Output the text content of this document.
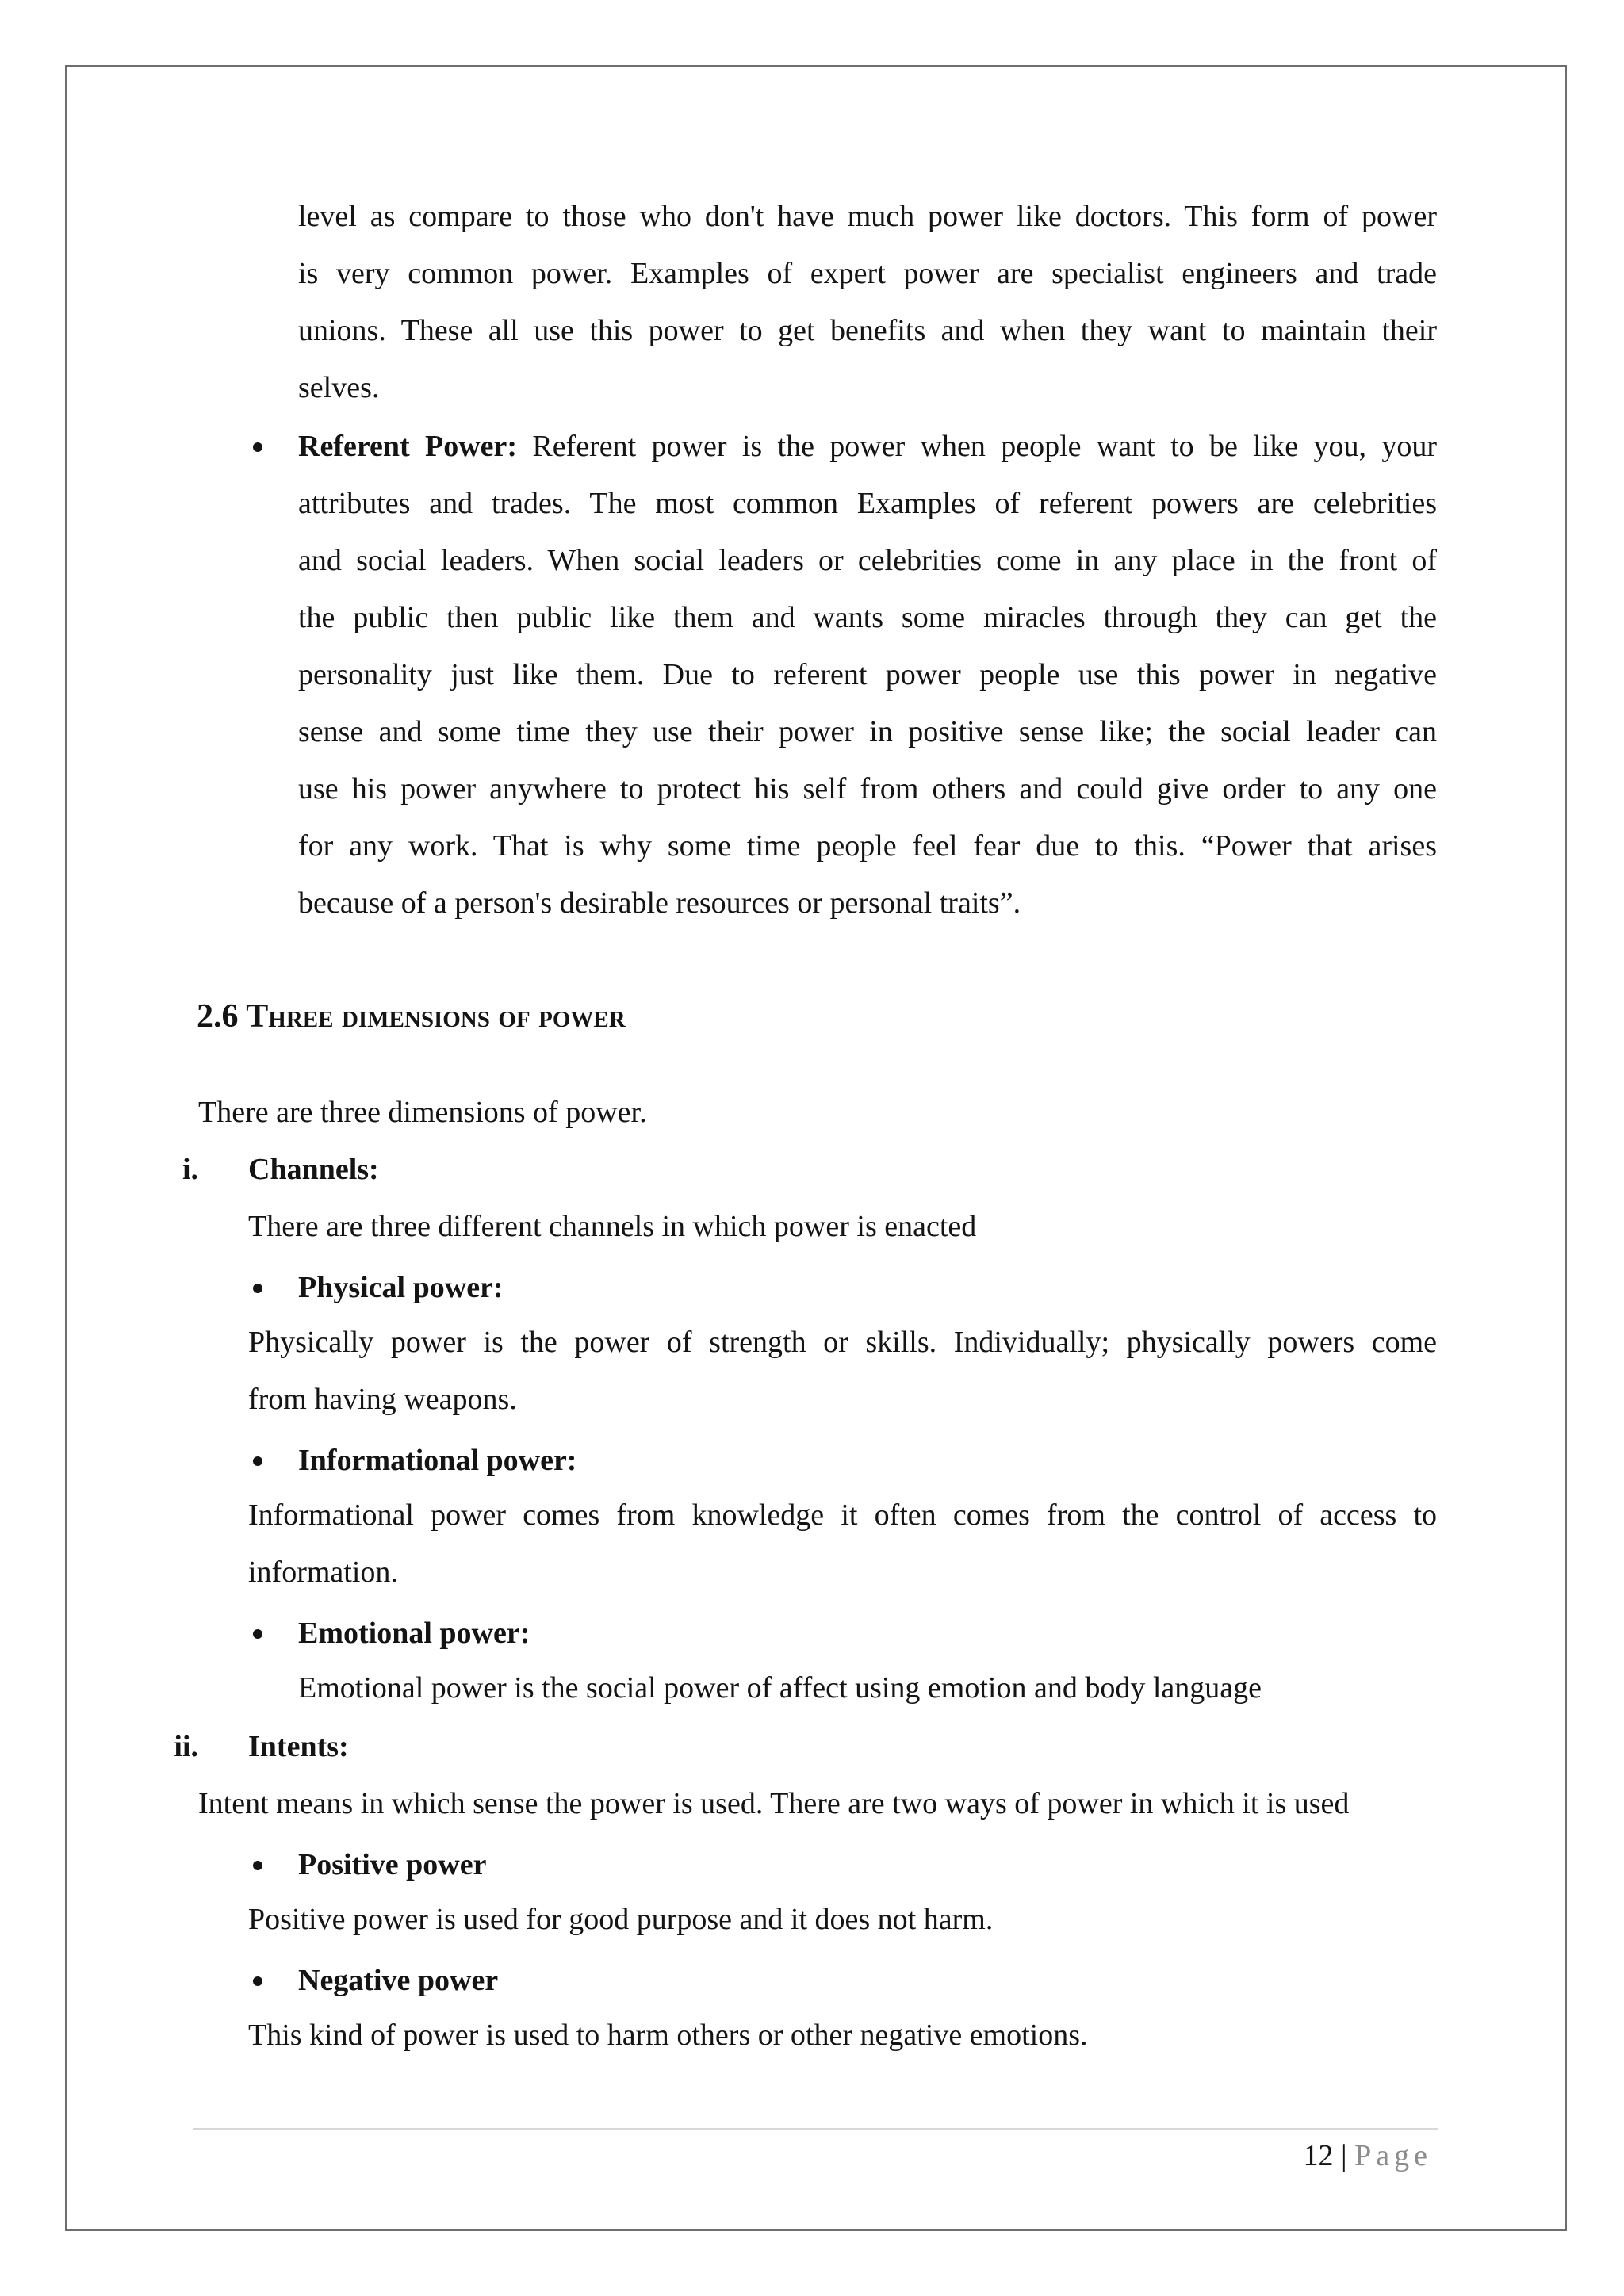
level as compare to those who don't have much power like doctors. This form of power
is very common power. Examples of expert power are specialist engineers and trade
unions. These all use this power to get benefits and when they want to maintain their
selves.
Referent Power: Referent power is the power when people want to be like you, your
attributes and trades. The most common Examples of referent powers are celebrities
and social leaders. When social leaders or celebrities come in any place in the front of
the public then public like them and wants some miracles through they can get the
personality just like them. Due to referent power people use this power in negative
sense and some time they use their power in positive sense like; the social leader can
use his power anywhere to protect his self from others and could give order to any one
for any work. That is why some time people feel fear due to this. “Power that arises
because of a person's desirable resources or personal traits”.
2.6 Three dimensions of power
There are three dimensions of power.
i. Channels:
There are three different channels in which power is enacted
Physical power:
Physically power is the power of strength or skills. Individually; physically powers come
from having weapons.
Informational power:
Informational power comes from knowledge it often comes from the control of access to
information.
Emotional power:
Emotional power is the social power of affect using emotion and body language
ii. Intents:
Intent means in which sense the power is used. There are two ways of power in which it is used
Positive power
Positive power is used for good purpose and it does not harm.
Negative power
This kind of power is used to harm others or other negative emotions.
12 | Page
